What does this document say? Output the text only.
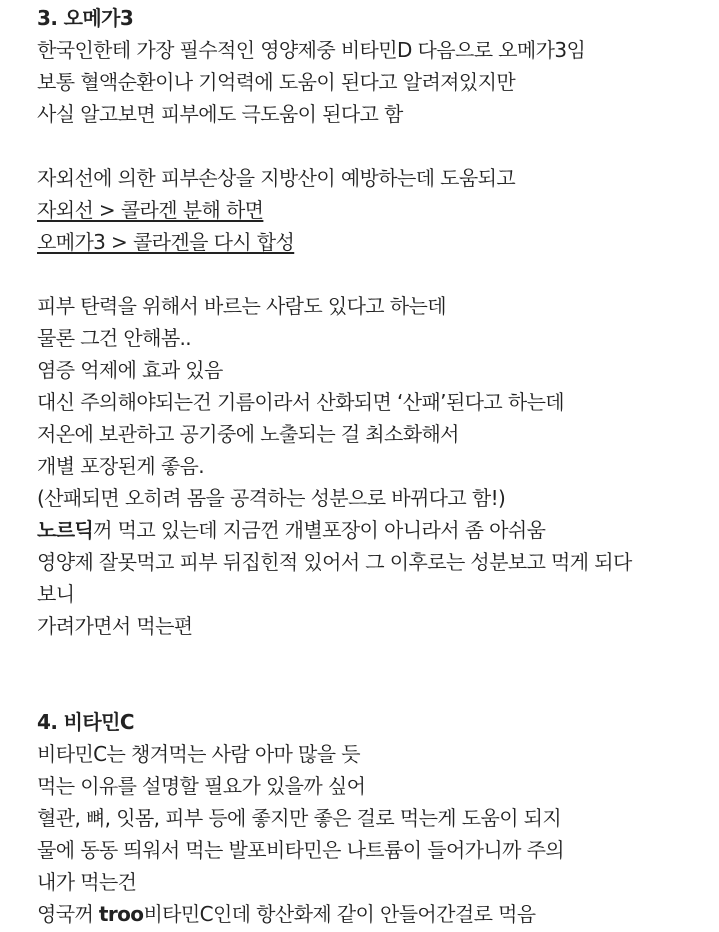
3. 오메가3
한국인한테 가장 필수적인 영양제중 비타민D 다음으로 오메가3임
보통 혈액순환이나 기억력에 도움이 된다고 알려져있지만
사실 알고보면 피부에도 극도움이 된다고 함
자외선에 의한 피부손상을 지방산이 예방하는데 도움되고
자외선 > 콜라겐 분해 하면
오메가3 > 콜라겐을 다시 합성
피부 탄력을 위해서 바르는 사람도 있다고 하는데
물론 그건 안해봄..
염증 억제에 효과 있음
대신 주의해야되는건 기름이라서 산화되면 ‘산패’된다고 하는데
저온에 보관하고 공기중에 노출되는 걸 최소화해서
개별 포장된게 좋음.
(산패되면 오히려 몸을 공격하는 성분으로 바뀌다고 함!)
노르딕꺼 먹고 있는데 지금껀 개별포장이 아니라서 좀 아쉬움
영양제 잘못먹고 피부 뒤집힌적 있어서 그 이후로는 성분보고 먹게 되다
보니
가려가면서 먹는편
4. 비타민C
비타민C는 챙겨먹는 사람 아마 많을 듯
먹는 이유를 설명할 필요가 있을까 싶어
혈관, 뼈, 잇몸, 피부 등에 좋지만 좋은 걸로 먹는게 도움이 되지
물에 동동 띄워서 먹는 발포비타민은 나트륨이 들어가니까 주의
내가 먹는건
영국꺼 troo비타민C인데 항산화제 같이 안들어간걸로 먹음
